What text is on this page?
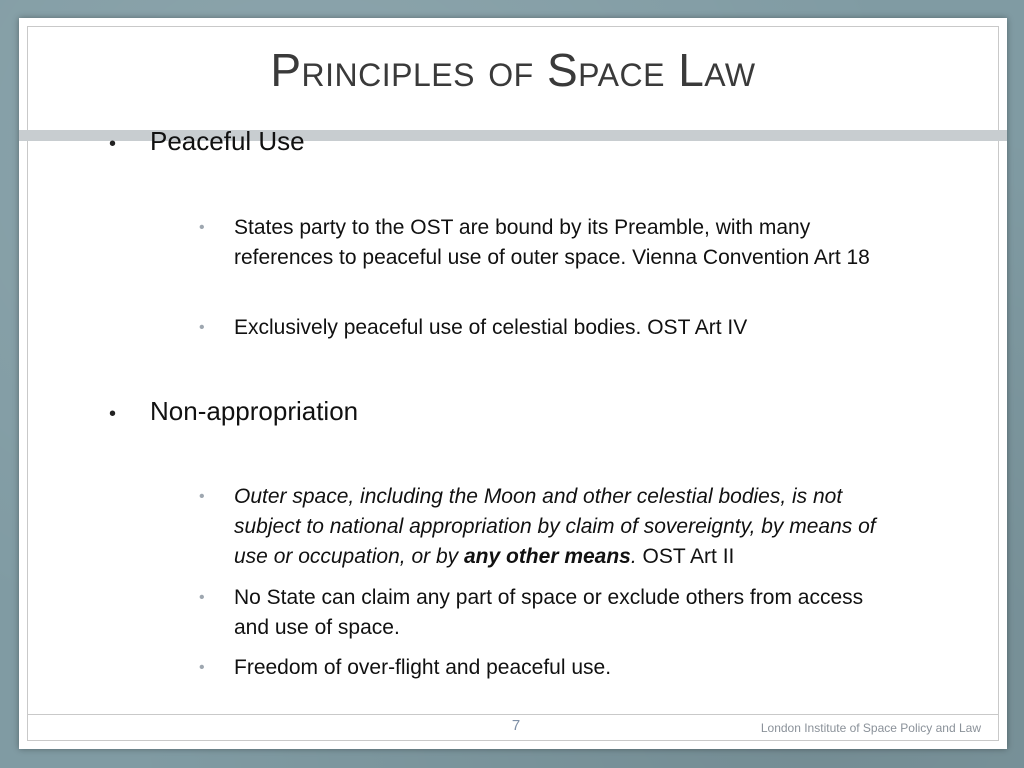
Principles of Space Law
•	Peaceful Use
•	States party to the OST are bound by its Preamble, with many references to peaceful use of outer space. Vienna Convention Art 18
•	Exclusively peaceful use of celestial bodies. OST Art IV
•	Non-appropriation
•	Outer space, including the Moon and other celestial bodies, is not subject to national appropriation by claim of sovereignty, by means of use or occupation, or by any other means. OST Art II
•	No State can claim any part of space or exclude others from access and use of space.
•	Freedom of over-flight and peaceful use.
7	London Institute of Space Policy and Law
